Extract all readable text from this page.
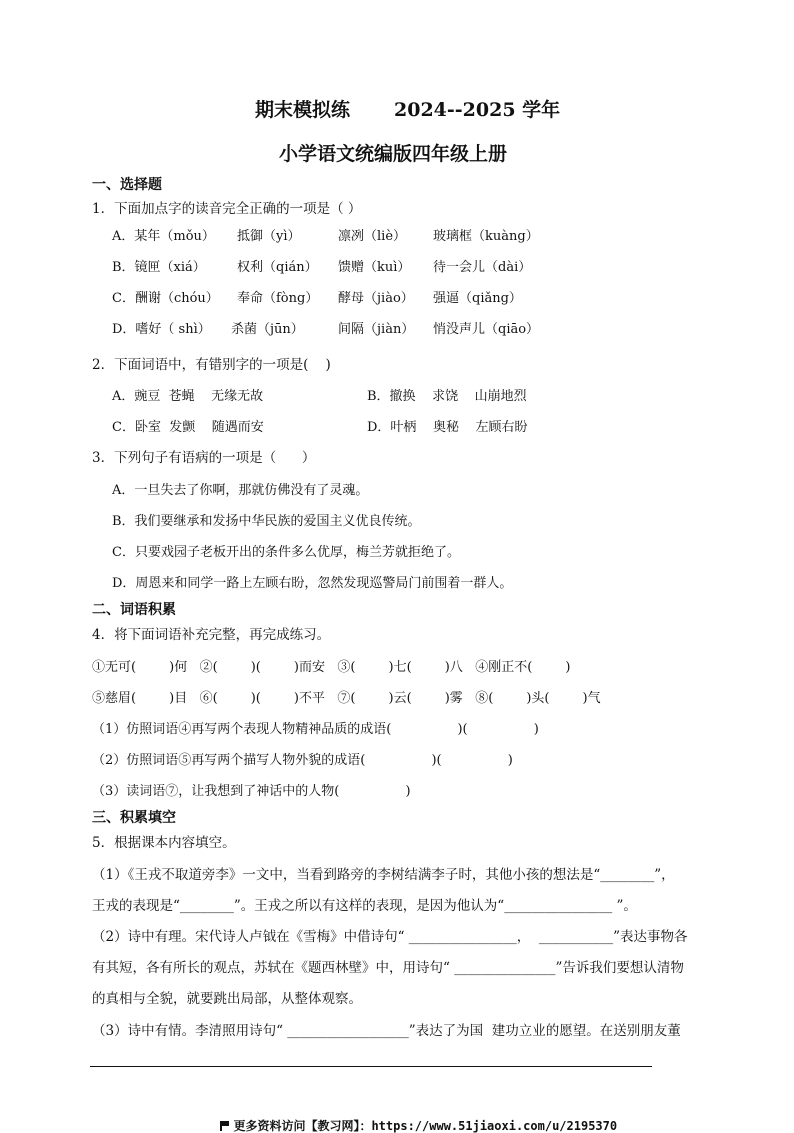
期末模拟练 2024--2025 学年
小学语文统编版四年级上册
一、选择题
1．下面加点字的读音完全正确的一项是（ ）
A．某年（mǒu） 抵御（yì）	凛冽（liè） 玻璃框（kuàng）
B．镜匣（xiá） 权利（qián） 馈赠（kuì） 待一会儿（dài）
C．酬谢（chóu） 奉命（fòng） 酵母（jiào） 强逼（qiǎng）
D．嗜好（ shì） 杀菌（jūn）	间隔（jiàn） 悄没声儿（qiāo）
2．下面词语中，有错别字的一项是(    )
A．豌豆  苍蝇    无缘无故	B．撤换    求饶    山崩地烈
C．卧室  发颤    随遇而安	D．叶柄    奥秘    左顾右盼
3．下列句子有语病的一项是（      ）
A．一旦失去了你啊，那就仿佛没有了灵魂。
B．我们要继承和发扬中华民族的爱国主义优良传统。
C．只要戏园子老板开出的条件多么优厚，梅兰芳就拒绝了。
D．周恩来和同学一路上左顾右盼，忽然发现巡警局门前围着一群人。
二、词语积累
4．将下面词语补充完整，再完成练习。
①无可(        )何   ②(        )(        )而安   ③(        )七(        )八   ④刚正不(        )
⑤慈眉(        )目   ⑥(        )(        )不平   ⑦(        )云(        )雾   ⑧(        )头(        )气
（1）仿照词语④再写两个表现人物精神品质的成语(                )(                )
（2）仿照词语⑤再写两个描写人物外貌的成语(                )(                )
（3）读词语⑦，让我想到了神话中的人物(                )
三、积累填空
5．根据课本内容填空。
（1）《王戎不取道旁李》一文中，当看到路旁的李树结满李子时，其他小孩的想法是“________”，
王戎的表现是“________”。王戎之所以有这样的表现，是因为他认为“________________ ”。
（2）诗中有理。宋代诗人卢钺在《雪梅》中借诗句“ ________________，  ___________”表达事物各
有其短，各有所长的观点，苏轼在《题西林壁》中，用诗句“ _______________”告诉我们要想认清物
的真相与全貌，就要跳出局部，从整体观察。
（3）诗中有情。李清照用诗句“ __________________”表达了为国  建功立业的愿望。在送别朋友董

更多资料访问【教习网】：https://www.51jiaoxi.com/u/2195370
